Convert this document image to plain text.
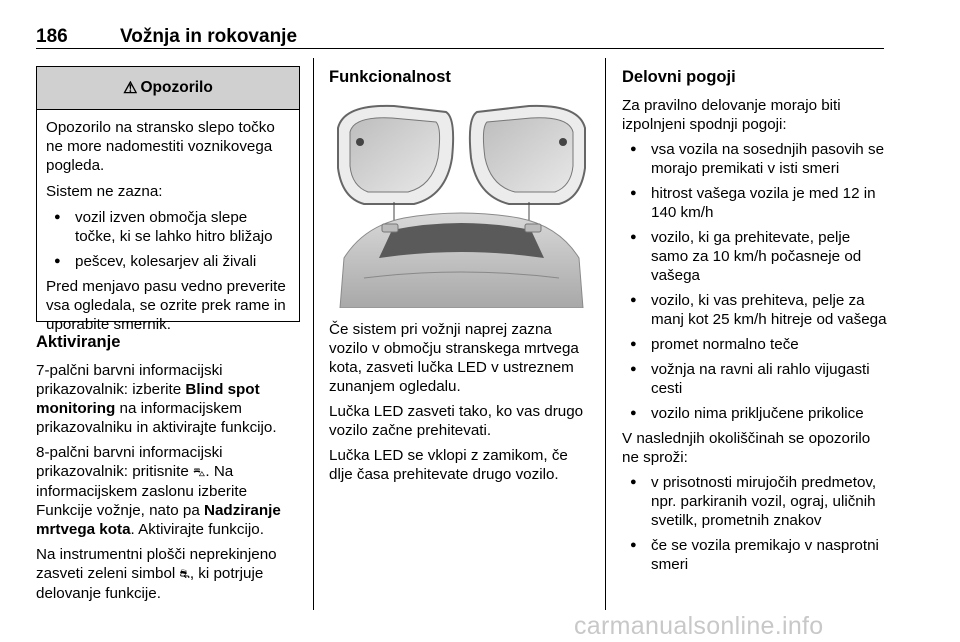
186	Vožnja in rokovanje
⚠ Opozorilo

Opozorilo na stransko slepo točko ne more nadomestiti voznikovega pogleda.

Sistem ne zazna:

● vozil izven območja slepe točke, ki se lahko hitro bližajo
● pešcev, kolesarjev ali živali

Pred menjavo pasu vedno preverite vsa ogledala, se ozrite prek rame in uporabite smernik.

Aktiviranje

7-palčni barvni informacijski prikazovalnik: izberite Blind spot monitoring na informacijskem prikazovalniku in aktivirajte funkcijo.

8-palčni barvni informacijski prikazovalnik: pritisnite ⛍. Na informacijskem zaslonu izberite Funkcije vožnje, nato pa Nadziranje mrtvega kota. Aktivirajte funkcijo.

Na instrumentni plošči neprekinjeno zasveti zeleni simbol ⛐, ki potrjuje delovanje funkcije.

Funkcionalnost

Če sistem pri vožnji naprej zazna vozilo v območju stranskega mrtvega kota, zasveti lučka LED v ustreznem zunanjem ogledalu.

Lučka LED zasveti tako, ko vas drugo vozilo začne prehitevati.

Lučka LED se vklopi z zamikom, če dlje časa prehitevate drugo vozilo.

Delovni pogoji

Za pravilno delovanje morajo biti izpolnjeni spodnji pogoji:

● vsa vozila na sosednjih pasovih se morajo premikati v isti smeri
● hitrost vašega vozila je med 12 in 140 km/h
● vozilo, ki ga prehitevate, pelje samo za 10 km/h počasneje od vašega
● vozilo, ki vas prehiteva, pelje za manj kot 25 km/h hitreje od vašega
● promet normalno teče
● vožnja na ravni ali rahlo vijugasti cesti
● vozilo nima priključene prikolice

V naslednjih okoliščinah se opozorilo ne sproži:

● v prisotnosti mirujočih predmetov, npr. parkiranih vozil, ograj, uličnih svetilk, prometnih znakov
● če se vozila premikajo v nasprotni smeri
carmanualsonline.info
